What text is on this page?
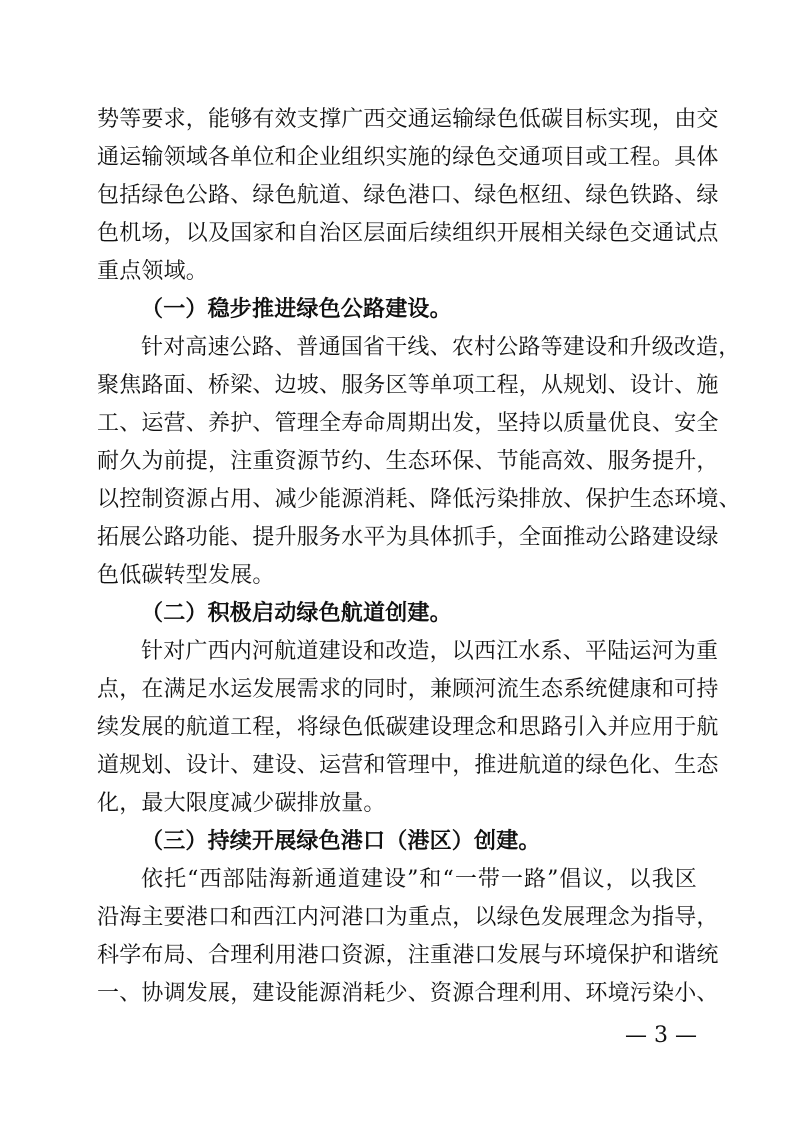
势等要求，能够有效支撑广西交通运输绿色低碳目标实现，由交
通运输领域各单位和企业组织实施的绿色交通项目或工程。具体
包括绿色公路、绿色航道、绿色港口、绿色枢纽、绿色铁路、绿
色机场，以及国家和自治区层面后续组织开展相关绿色交通试点
重点领域。
（一）稳步推进绿色公路建设。
针对高速公路、普通国省干线、农村公路等建设和升级改造，
聚焦路面、桥梁、边坡、服务区等单项工程，从规划、设计、施
工、运营、养护、管理全寿命周期出发，坚持以质量优良、安全
耐久为前提，注重资源节约、生态环保、节能高效、服务提升，
以控制资源占用、减少能源消耗、降低污染排放、保护生态环境、
拓展公路功能、提升服务水平为具体抓手，全面推动公路建设绿
色低碳转型发展。
（二）积极启动绿色航道创建。
针对广西内河航道建设和改造，以西江水系、平陆运河为重
点，在满足水运发展需求的同时，兼顾河流生态系统健康和可持
续发展的航道工程，将绿色低碳建设理念和思路引入并应用于航
道规划、设计、建设、运营和管理中，推进航道的绿色化、生态
化，最大限度减少碳排放量。
（三）持续开展绿色港口（港区）创建。
依托“西部陆海新通道建设”和“一带一路”倡议，以我区
沿海主要港口和西江内河港口为重点，以绿色发展理念为指导，
科学布局、合理利用港口资源，注重港口发展与环境保护和谐统
一、协调发展，建设能源消耗少、资源合理利用、环境污染小、
— 3 —
